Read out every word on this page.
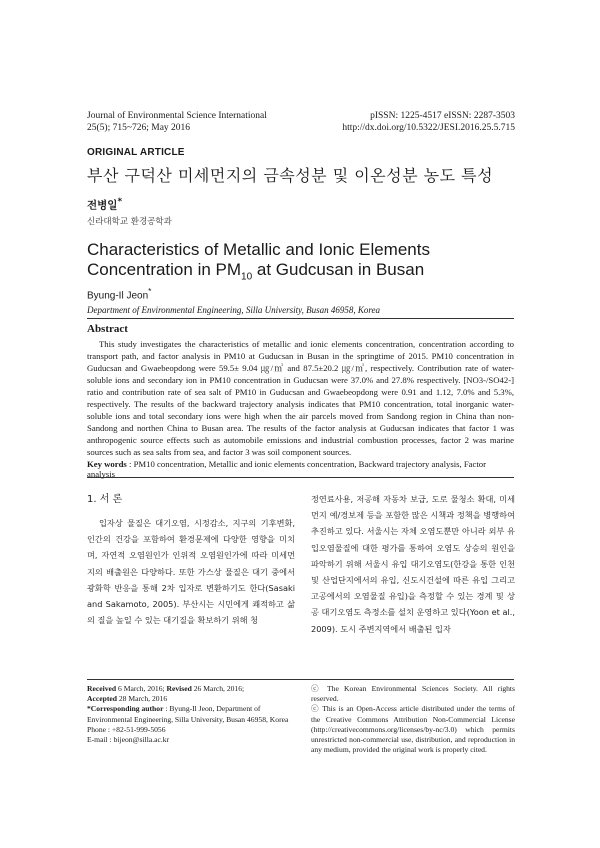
Journal of Environmental Science International
25(5); 715~726; May 2016
pISSN: 1225-4517 eISSN: 2287-3503
http://dx.doi.org/10.5322/JESI.2016.25.5.715
ORIGINAL ARTICLE
부산 구덕산 미세먼지의 금속성분 및 이온성분 농도 특성
전병일*
신라대학교 환경공학과
Characteristics of Metallic and Ionic Elements Concentration in $PM_{10}$ at Gudcusan in Busan
Byung-Il Jeon*
Department of Environmental Engineering, Silla University, Busan 46958, Korea
Abstract
This study investigates the characteristics of metallic and ionic elements concentration, concentration according to transport path, and factor analysis in PM10 at Guducsan in Busan in the springtime of 2015. PM10 concentration in Guducsan and Gwaebeopdong were 59.5± 9.04 ㎍/㎥ and 87.5±20.2 ㎍/㎥, respectively. Contribution rate of water-soluble ions and secondary ion in PM10 concentration in Guducsan were 37.0% and 27.8% respectively. [NO3-/SO42-] ratio and contribution rate of sea salt of PM10 in Guducsan and Gwaebeopdong were 0.91 and 1.12, 7.0% and 5.3%, respectively. The results of the backward trajectory analysis indicates that PM10 concentration, total inorganic water-soluble ions and total secondary ions were high when the air parcels moved from Sandong region in China than non-Sandong and northen China to Busan area. The results of the factor analysis at Guducsan indicates that factor 1 was anthropogenic source effects such as automobile emissions and industrial combustion processes, factor 2 was marine sources such as sea salts from sea, and factor 3 was soil component sources.
Key words : PM10 concentration, Metallic and ionic elements concentration, Backward trajectory analysis, Factor analysis
1. 서 론
입자상 물질은 대기오염, 시정감소, 지구의 기후변화, 인간의 건강을 포함하여 환경문제에 다양한 영향을 미치며, 자연적 오염원인가 인위적 오염원인가에 따라 미세먼지의 배출원은 다양하다. 또한 가스상 물질은 대기 중에서 광화학 반응을 통해 2차 입자로 변환하기도 한다(Sasaki and Sakamoto, 2005). 부산시는 시민에게 쾌적하고 삶의 질을 높일 수 있는 대기질을 확보하기 위해 청
정연료사용, 저공해 자동차 보급, 도로 물청소 확대, 미세먼지 예/경보제 등을 포함한 많은 시책과 정책을 병행하여 추진하고 있다. 서울시는 자체 오염도뿐만 아니라 외부 유입오염물질에 대한 평가를 통하여 오염도 상승의 원인을 파악하기 위해 서울시 유입 대기오염도(한강을 통한 인천 및 산업단지에서의 유입, 신도시건설에 따른 유입 그리고 고공에서의 오염물질 유입)을 측정할 수 있는 경계 및 상공 대기오염도 측정소를 설치 운영하고 있다(Yoon et al., 2009). 도시 주변지역에서 배출된 입자
Received 6 March, 2016; Revised 26 March, 2016;
Accepted 28 March, 2016
*Corresponding author : Byung-Il Jeon, Department of Environmental Engineering, Silla University, Busan 46958, Korea
Phone : +82-51-999-5056
E-mail : bijeon@silla.ac.kr
ⓒ The Korean Environmental Sciences Society. All rights reserved.
ⓒ This is an Open-Access article distributed under the terms of the Creative Commons Attribution Non-Commercial License (http://creativecommons.org/licenses/by-nc/3.0) which permits unrestricted non-commercial use, distribution, and reproduction in any medium, provided the original work is properly cited.
